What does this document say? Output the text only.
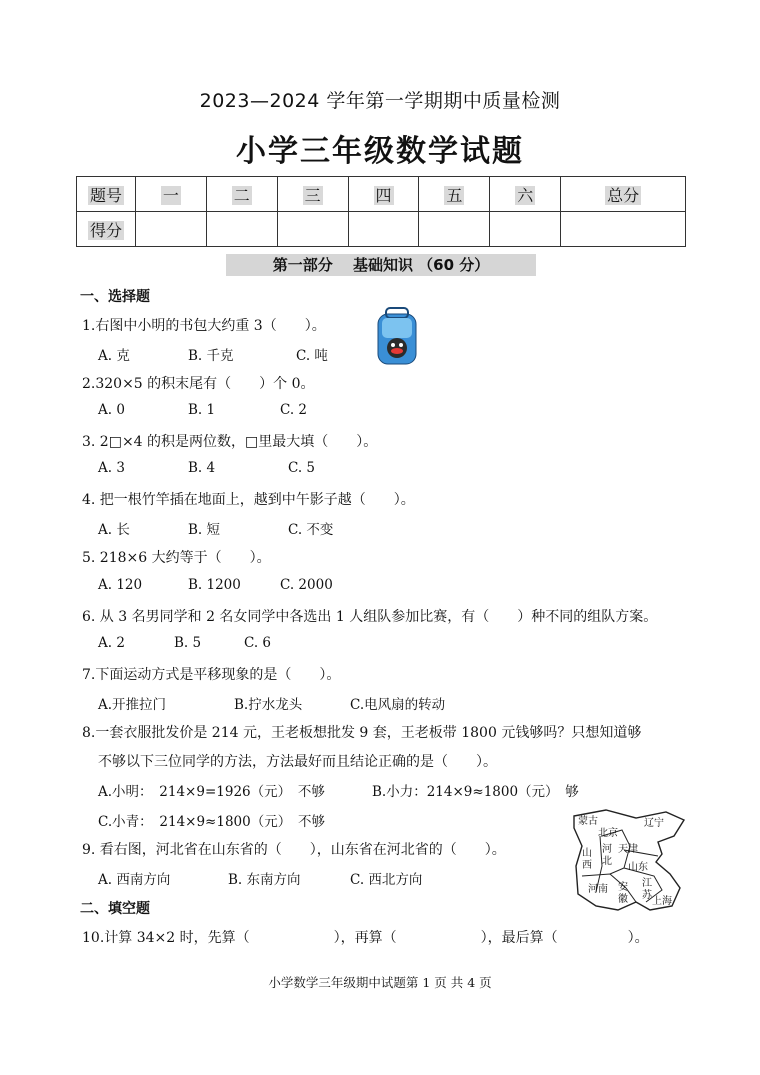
2023—2024 学年第一学期期中质量检测
小学三年级数学试题
题号	一	二	三	四	五	六	总分
得分							
第一部分　 基础知识 （60 分）
一、选择题
1.右图中小明的书包大约重 3（　　）。
A. 克	B. 千克	C. 吨
2.320×5 的积末尾有（　　）个 0。
A. 0	B. 1	C. 2
3. 2□×4 的积是两位数，□里最大填（　　）。
A. 3	B. 4	C. 5
4. 把一根竹竿插在地面上，越到中午影子越（　　）。
A. 长	B. 短	C. 不变
5. 218×6 大约等于（　　）。
A. 120	B. 1200	C. 2000
6. 从 3 名男同学和 2 名女同学中各选出 1 人组队参加比赛，有（　　）种不同的组队方案。
A. 2	B. 5	C. 6
7.下面运动方式是平移现象的是（　　）。
A.开推拉门	B.拧水龙头	C.电风扇的转动
8.一套衣服批发价是 214 元，王老板想批发 9 套，王老板带 1800 元钱够吗？只想知道够
不够以下三位同学的方法，方法最好而且结论正确的是（　　）。
A.小明：　214×9=1926（元）　不够	B.小力：214×9≈1800（元）　够
C.小青：　214×9≈1800（元）　不够
9. 看右图，河北省在山东省的（　　），山东省在河北省的（　　）。
A. 西南方向	B. 东南方向	C. 西北方向
蒙古
北京
辽宁
天津
山西
河北
山东
河南 安徽
江苏
上海
二、填空题
10.计算 34×2 时，先算（　　　　　　），再算（　　　　　　），最后算（　　　　　）。
小学数学三年级期中试题第 1 页 共 4 页
